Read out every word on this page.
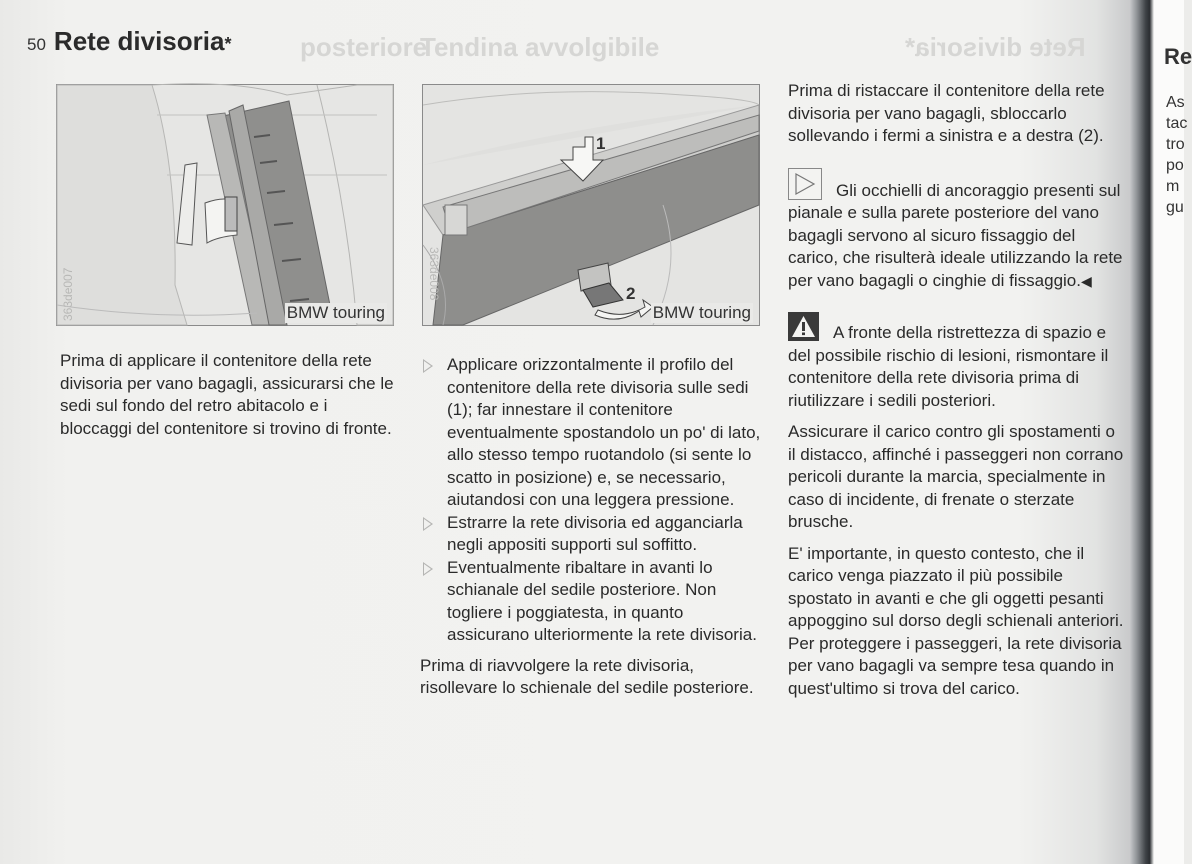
posteriore
Tendina avvolgibile	Rete divisoria*
50 Rete divisoria*
363de007	BMW touring
1
2
363de008
BMW touring

Prima di applicare il contenitore della rete divisoria per vano bagagli, assicurarsi che le sedi sul fondo del retro abitacolo e i bloccaggi del contenitore si trovino di fronte.

Applicare orizzontalmente il profilo del contenitore della rete divisoria sulle sedi (1); far innestare il contenitore eventualmente spostandolo un po' di lato, allo stesso tempo ruotandolo (si sente lo scatto in posizione) e, se necessario, aiutandosi con una leggera pressione.
Estrarre la rete divisoria ed agganciarla negli appositi supporti sul soffitto.
Eventualmente ribaltare in avanti lo schianale del sedile posteriore. Non togliere i poggiatesta, in quanto assicurano ulteriormente la rete divisoria.

Prima di riavvolgere la rete divisoria, risollevare lo schienale del sedile posteriore.

Prima di ristaccare il contenitore della rete divisoria per vano bagagli, sbloccarlo sollevando i fermi a sinistra e a destra (2).

Gli occhielli di ancoraggio presenti sul pianale e sulla parete posteriore del vano bagagli servono al sicuro fissaggio del carico, che risulterà ideale utilizzando la rete per vano bagagli o cinghie di fissaggio.◀

A fronte della ristrettezza di spazio e del possibile rischio di lesioni, rismontare il contenitore della rete divisoria prima di riutilizzare i sedili posteriori.

Assicurare il carico contro gli spostamenti o il distacco, affinché i passeggeri non corrano pericoli durante la marcia, specialmente in caso di incidente, di frenate o sterzate brusche.

E' importante, in questo contesto, che il carico venga piazzato il più possibile spostato in avanti e che gli oggetti pesanti appoggino sul dorso degli schienali anteriori. Per proteggere i passeggeri, la rete divisoria per vano bagagli va sempre tesa quando in quest'ultimo si trova del carico.

Re
As
tac
tro
po
m
gu
